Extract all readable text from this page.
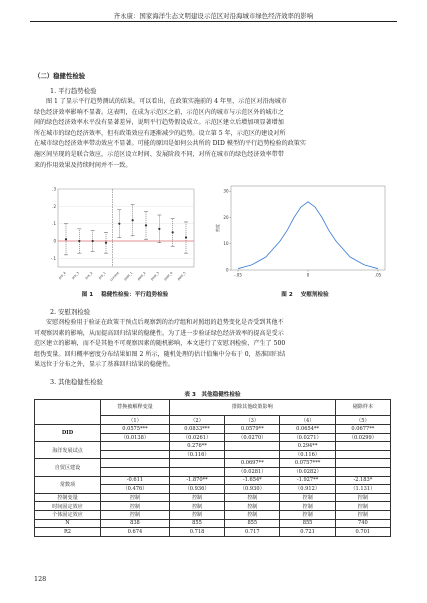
齐永康：国家海洋生态文明建设示范区对沿海城市绿色经济效率的影响
（二）稳健性检验
1. 平行趋势检验
图 1 了显示平行趋势测试的结果。可以看出，在政策实施前的 4 年里，示范区对沿海城市
绿色经济效率影响不显著。这表明，在成为示范区之前，示范区内的城市与示范区外的城市之
间的绿色经济效率水平没有显著差异，说明平行趋势假设成立。示范区建立后增加项显著增加
所在城市的绿色经济效率，但有政策效应有逐渐减少的趋势。设立第 5 年，示范区的建设对所
在城市绿色经济效率带动效应不显著。可能的原因是如何公共所的 DID 模型的平行趋势检验的政策实
施区间呈现的是联合效应，示范区设立时间、发展阶段不同，对所在城市的绿色经济效率带带
来的作用效果及持续时间并不一致。
-.1
0
.1
.2
.3
pre_4 pre_3 pre_2 pre_1 current post_1 post_2 post_3 post_4 post_5
图 1 稳健性检验：平行趋势检验
0
10
20
30
-.05	0	.05
密度
图 2 安慰剂检验
2. 安慰剂检验
安慰剂检验用于验证在政策干预点后观察到的治疗组和对照组的趋势变化是否受到其他不
可观察因素的影响，从而提高回归结果的稳健性。为了进一步验证绿色经济效率的提高是受示
范区建立的影响，而不是其他不可观察因素的随机影响，本文进行了安慰剂检验，产生了 500
组伪变量。回归概率密度分布结果如图 2 所示，随机处理的估计值集中分布于 0，基准回归结
果远位于分布之外，显示了基准回归结果的稳健性。
3. 其他稳健性检验
表 3　其他稳健性检验
	替换被解释变量	排除其他政策影响			剔除样本
	（1）	（2）	（3）	（4）	（5）
DID	0.0575***	0.0833***	0.0579**	0.0654**	0.0677**
	（0.0138）	（0.0261）	（0.0270）	（0.0271）	（0.0299）
海洋发展试点		0.276**		0.294**	
		（0.116）		（0.116）	
自贸区建设			0.0697**	0.0757***	
			（0.0281）	（0.0282）	
常数项	-0.611	-1.870**	-1.654*	-1.927**	-2.183*
	（0.476）	（0.936）	（0.930）	（0.912）	（1.131）
控制变量	控制	控制	控制	控制	控制
时间固定效应	控制	控制	控制	控制	控制
个体固定效应	控制	控制	控制	控制	控制
N	838	855	855	855	740
R2	0.674	0.718	0.717	0.721	0.701
128
